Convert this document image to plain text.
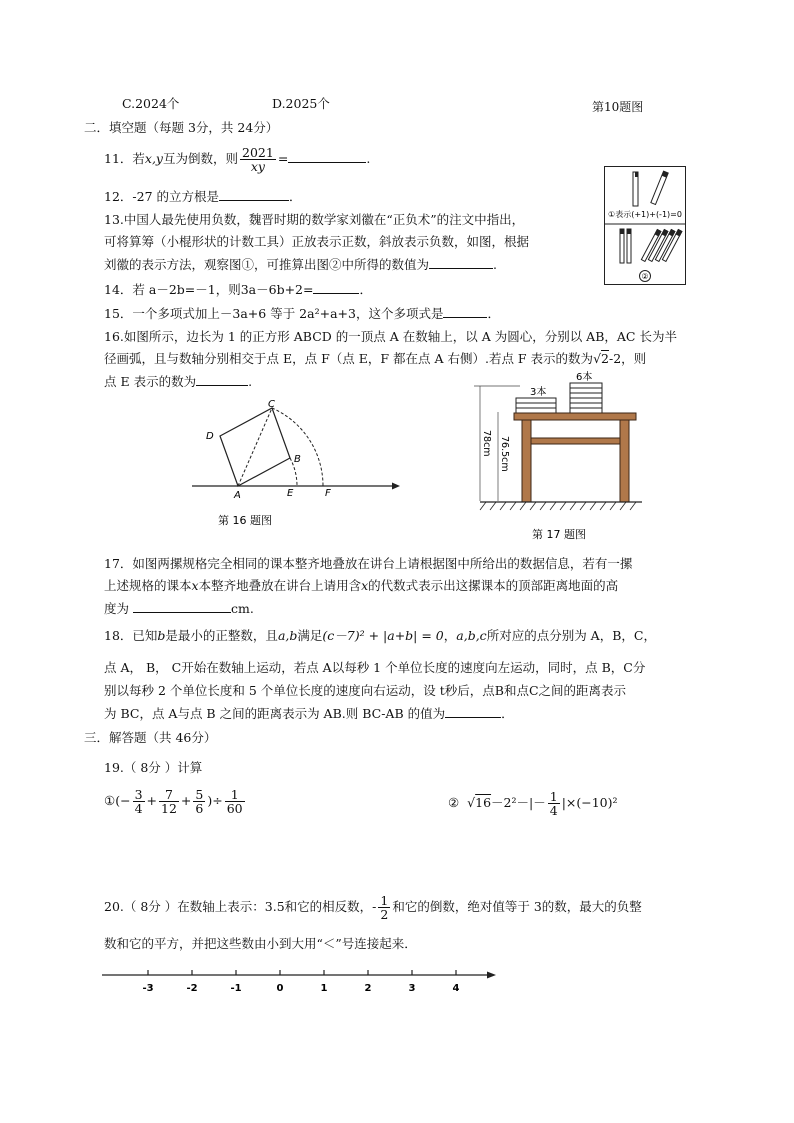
C.2024个	D.2025个	第10题图
二．填空题（每题 3分，共 24分）
11．若x,y互为倒数，则 $\frac{2021}{xy}$ =	.
12．-27 的立方根是	．
13.中国人最先使用负数，魏晋时期的数学家刘徽在“正负术”的注文中指出，
可将算筹（小棍形状的计数工具）正放表示正数，斜放表示负数，如图，根据
刘徽的表示方法，观察图①，可推算出图②中所得的数值为	.
①表示(+1)+(-1)=0
②
14．若 a－2b=－1，则3a－6b+2=	．
15．一个多项式加上－3a+6 等于 2a²+a+3，这个多项式是	．
16.如图所示，边长为 1 的正方形 ABCD 的一顶点 A 在数轴上，以 A 为圆心，分别以 AB，AC 长为半
径画弧，且与数轴分别相交于点 E，点 F（点 E，F 都在点 A 右侧）.若点 F 表示的数为√2-2，则
点 E 表示的数为	.
C
D
B
A	E	F
第 16 题图
78cm 76.5cm
3本
6本
第 17 题图
17．如图两摞规格完全相同的课本整齐地叠放在讲台上请根据图中所给出的数据信息，若有一摞
上述规格的课本x本整齐地叠放在讲台上请用含x的代数式表示出这摞课本的顶部距离地面的高
度为	cm.
18．已知b是最小的正整数，且a,b满足(c－7)² + |a+b| = 0，a,b,c所对应的点分别为 A，B，C，
点 A， B， C开始在数轴上运动，若点 A以每秒 1 个单位长度的速度向左运动，同时，点 B，C分
别以每秒 2 个单位长度和 5 个单位长度的速度向右运动，设 t秒后，点B和点C之间的距离表示
为 BC，点 A与点 B 之间的距离表示为 AB.则 BC-AB 的值为	．
三．解答题（共 46分）
19.（ 8分 ）计算
①(− $\frac{3}{4} + \frac{7}{12} + \frac{5}{6}$ )÷ $\frac{1}{60}$	②  $√16-2^2-|- \frac{1}{4} |\times(-10)^2$
20.（ 8分 ）在数轴上表示：3.5和它的相反数，- $\frac{1}{2}$ 和它的倒数，绝对值等于 3的数，最大的负整
数和它的平方，并把这些数由小到大用“＜”号连接起来．
-3	-2	-1	0	1	2	3	4
